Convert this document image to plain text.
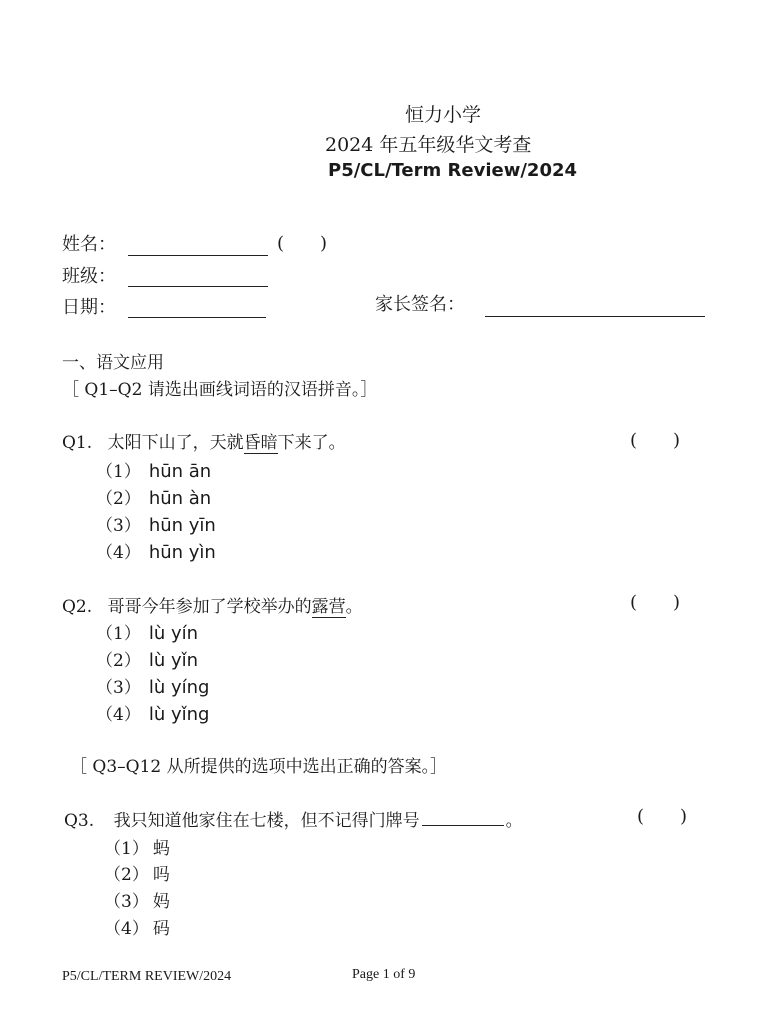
恒力小学
2024 年五年级华文考查
P5/CL/Term Review/2024
姓名：	(　　)
班级：
日期：	家长签名：
一、语文应用
［ Q1–Q2 请选出画线词语的汉语拼音。］
Q1. 太阳下山了，天就昏暗下来了。	(　　)
（1） hūn ān
（2） hūn àn
（3） hūn yīn
（4） hūn yìn
Q2. 哥哥今年参加了学校举办的露营。	(　　)
（1） lù yín
（2） lù yǐn
（3） lù yíng
（4） lù yǐng
［ Q3–Q12 从所提供的选项中选出正确的答案。］
Q3. 我只知道他家住在七楼，但不记得门牌号	。	(　　)
（1） 蚂
（2） 吗
（3） 妈
（4） 码
P5/CL/TERM REVIEW/2024	Page 1 of 9
